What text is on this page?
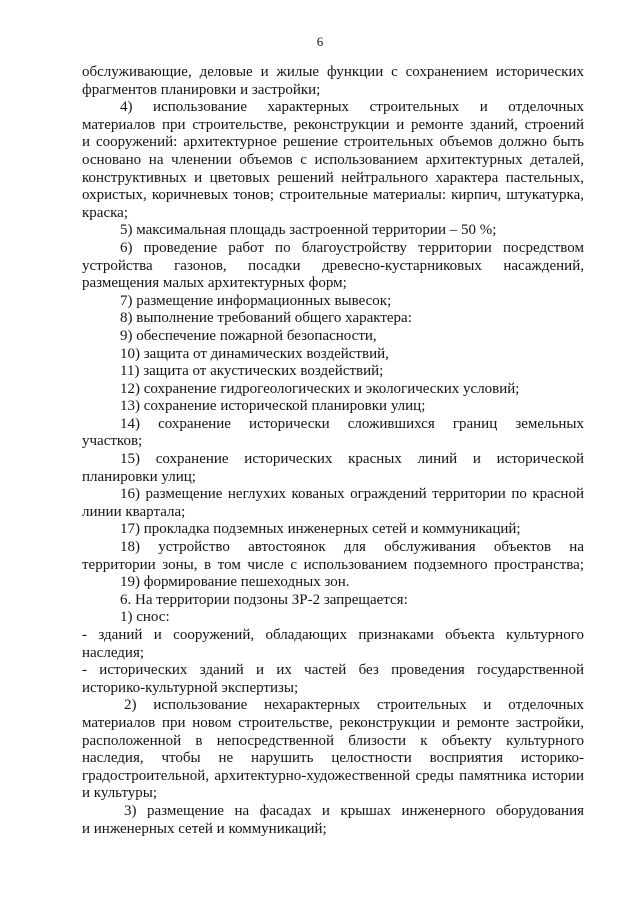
6
обслуживающие, деловые и жилые функции с сохранением исторических
фрагментов планировки и застройки;
4) использование характерных строительных и отделочных
материалов при строительстве, реконструкции и ремонте зданий, строений
и сооружений: архитектурное решение строительных объемов должно быть
основано на членении объемов с использованием архитектурных деталей,
конструктивных и цветовых решений нейтрального характера пастельных,
охристых, коричневых тонов; строительные материалы: кирпич, штукатурка,
краска;
5) максимальная площадь застроенной территории – 50 %;
6) проведение работ по благоустройству территории посредством
устройства газонов, посадки древесно-кустарниковых насаждений,
размещения малых архитектурных форм;
7) размещение информационных вывесок;
8) выполнение требований общего характера:
9) обеспечение пожарной безопасности,
10) защита от динамических воздействий,
11) защита от акустических воздействий;
12) сохранение гидрогеологических и экологических условий;
13) сохранение исторической планировки улиц;
14) сохранение исторически сложившихся границ земельных
участков;
15) сохранение исторических красных линий и исторической
планировки улиц;
16) размещение неглухих кованых ограждений территории по красной
линии квартала;
17) прокладка подземных инженерных сетей и коммуникаций;
18) устройство автостоянок для обслуживания объектов на
территории зоны, в том числе с использованием подземного пространства;
19) формирование пешеходных зон.
6. На территории подзоны ЗР-2 запрещается:
1) снос:
- зданий и сооружений, обладающих признаками объекта культурного
наследия;
- исторических зданий и их частей без проведения государственной
историко-культурной экспертизы;
2) использование нехарактерных строительных и отделочных
материалов при новом строительстве, реконструкции и ремонте застройки,
расположенной в непосредственной близости к объекту культурного
наследия, чтобы не нарушить целостности восприятия историко-
градостроительной, архитектурно-художественной среды памятника истории
и культуры;
3) размещение на фасадах и крышах инженерного оборудования
и инженерных сетей и коммуникаций;
